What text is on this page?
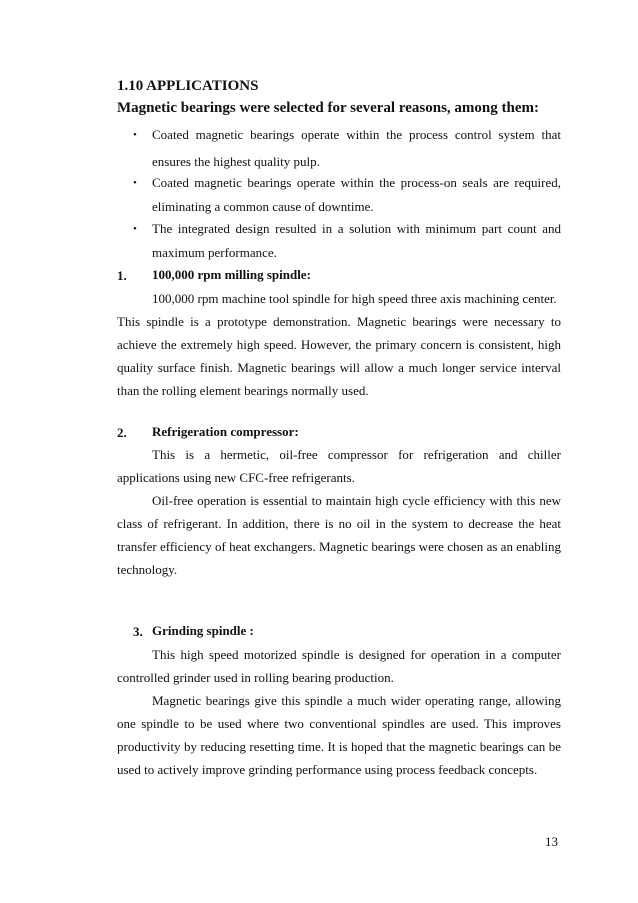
1.10 APPLICATIONS
Magnetic bearings were selected for several reasons, among them:
• Coated magnetic bearings operate within the process control system that
ensures the highest quality pulp.
• Coated magnetic bearings operate within the process-on seals are required,
eliminating a common cause of downtime.
• The integrated design resulted in a solution with minimum part count and
maximum performance.
1. 100,000 rpm milling spindle:
100,000 rpm machine tool spindle for high speed three axis machining center.
This spindle is a prototype demonstration. Magnetic bearings were necessary to
achieve the extremely high speed. However, the primary concern is consistent, high
quality surface finish. Magnetic bearings will allow a much longer service interval
than the rolling element bearings normally used.
2. Refrigeration compressor:
This is a hermetic, oil-free compressor for refrigeration and chiller
applications using new CFC-free refrigerants.
Oil-free operation is essential to maintain high cycle efficiency with this new
class of refrigerant. In addition, there is no oil in the system to decrease the heat
transfer efficiency of heat exchangers. Magnetic bearings were chosen as an enabling
technology.
3. Grinding spindle :
This high speed motorized spindle is designed for operation in a computer
controlled grinder used in rolling bearing production.
Magnetic bearings give this spindle a much wider operating range, allowing
one spindle to be used where two conventional spindles are used. This improves
productivity by reducing resetting time. It is hoped that the magnetic bearings can be
used to actively improve grinding performance using process feedback concepts.
13
